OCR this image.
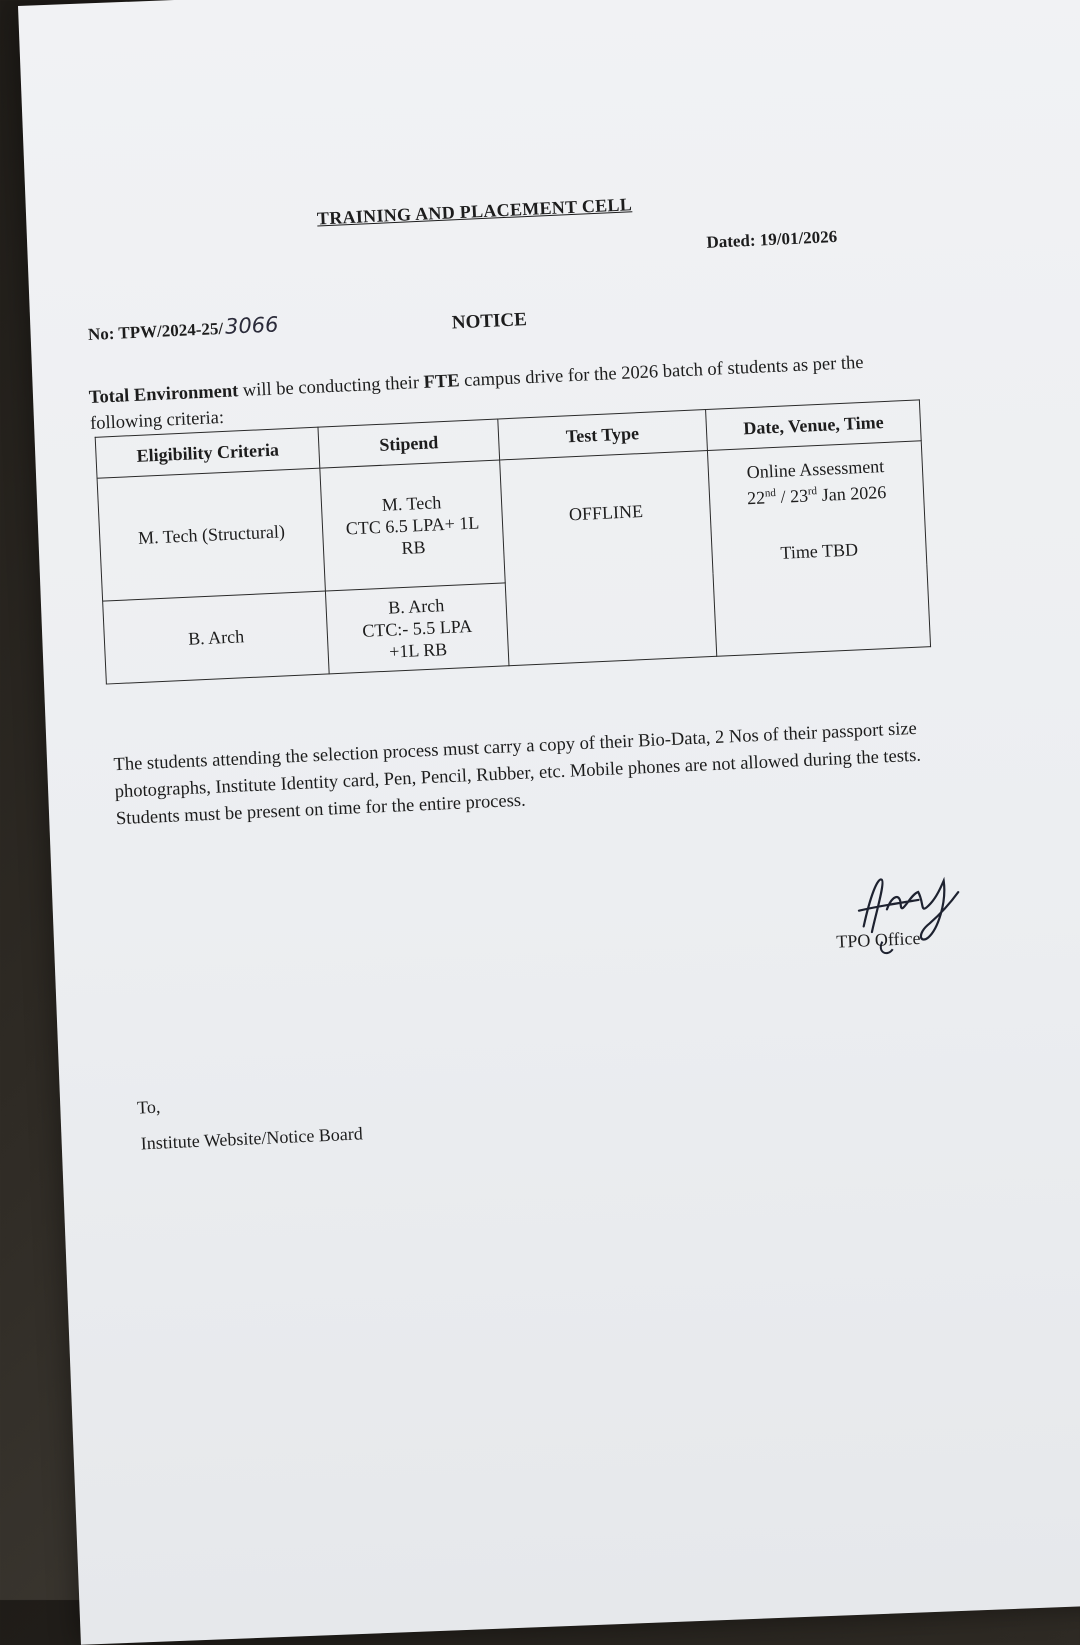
TRAINING AND PLACEMENT CELL
Dated: 19/01/2026
No: TPW/2024-25/3066	NOTICE
Total Environment will be conducting their FTE campus drive for the 2026 batch of students as per the following criteria:
Eligibility Criteria	Stipend	Test Type	Date, Venue, Time
M. Tech (Structural)	M. Tech
CTC 6.5 LPA+ 1L
RB	OFFLINE	Online Assessment
22nd / 23rd Jan 2026
Time TBD

B. Arch	B. Arch
CTC:- 5.5 LPA
+1L RB		
The students attending the selection process must carry a copy of their Bio-Data, 2 Nos of their passport size photographs, Institute Identity card, Pen, Pencil, Rubber, etc. Mobile phones are not allowed during the tests. Students must be present on time for the entire process.
TPO Office
To,
Institute Website/Notice Board
